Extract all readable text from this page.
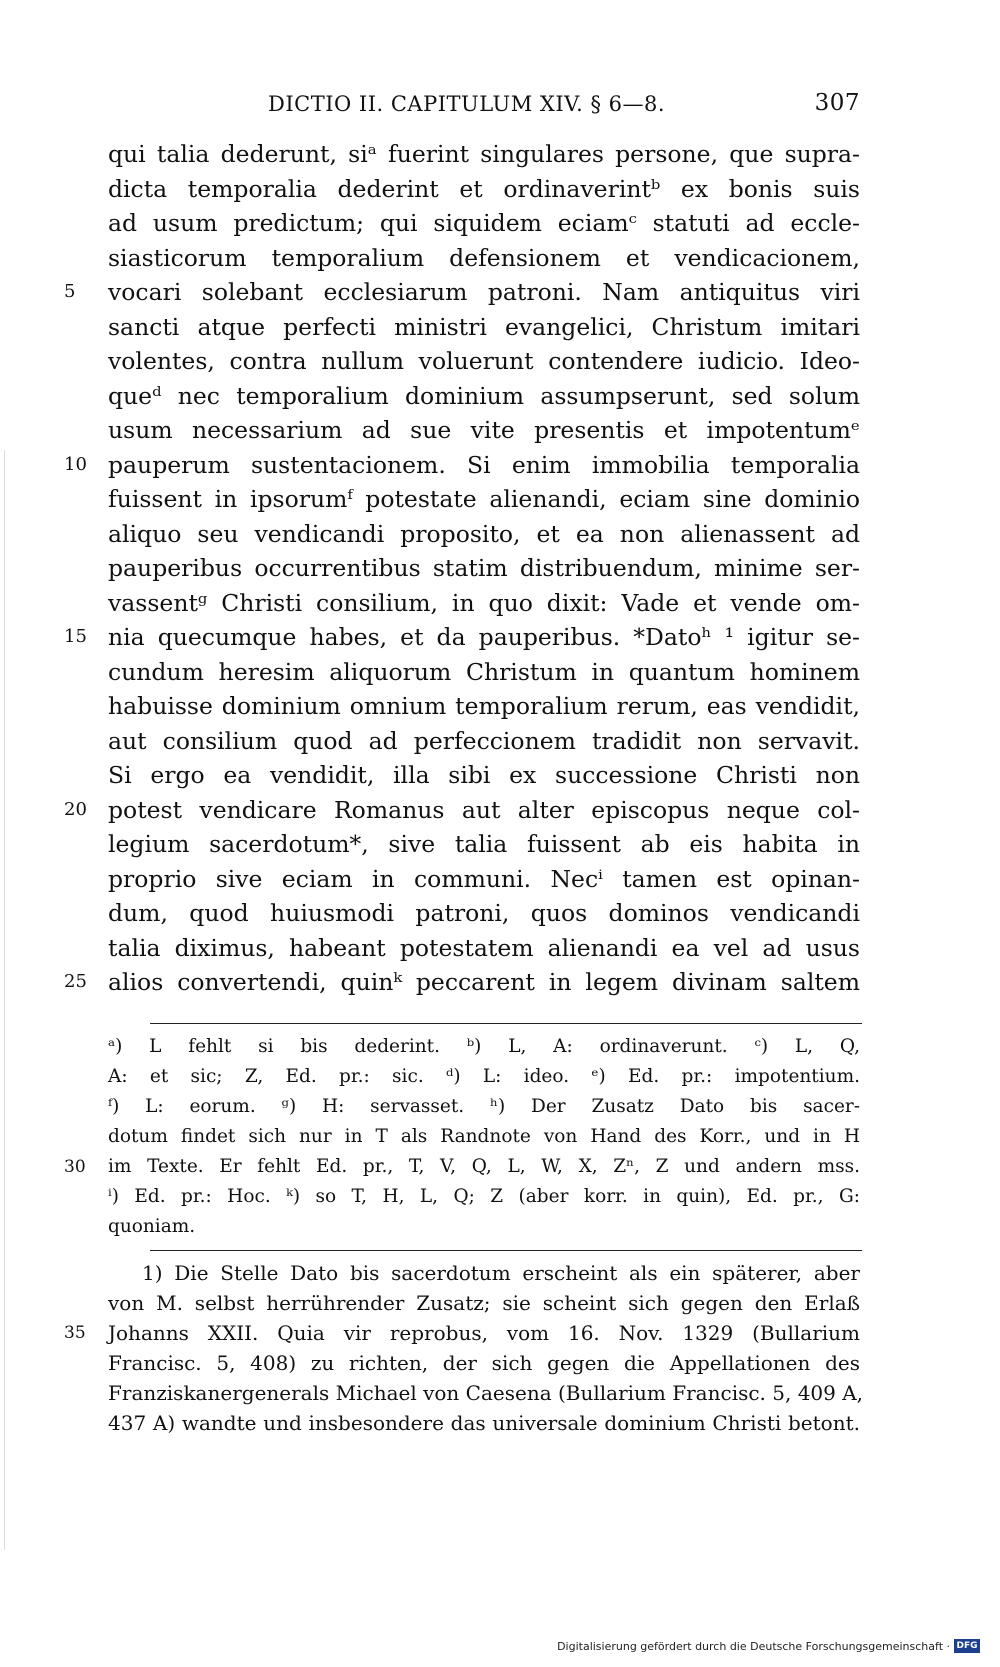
DICTIO II. CAPITULUM XIV. § 6—8.	307
qui talia dederunt, siᵃ fuerint singulares persone, que supra-
dicta temporalia dederint et ordinaverintᵇ ex bonis suis
ad usum predictum; qui siquidem eciamᶜ statuti ad eccle-
siasticorum temporalium defensionem et vendicacionem,
5	vocari solebant ecclesiarum patroni. Nam antiquitus viri
sancti atque perfecti ministri evangelici, Christum imitari
volentes, contra nullum voluerunt contendere iudicio. Ideo-
queᵈ nec temporalium dominium assumpserunt, sed solum
usum necessarium ad sue vite presentis et impotentumᵉ
10 pauperum sustentacionem. Si enim immobilia temporalia
fuissent in ipsorumᶠ potestate alienandi, eciam sine dominio
aliquo seu vendicandi proposito, et ea non alienassent ad
pauperibus occurrentibus statim distribuendum, minime ser-
vassentᵍ Christi consilium, in quo dixit: Vade et vende om-
15 nia quecumque habes, et da pauperibus. *Datoʰ ¹ igitur se-
cundum heresim aliquorum Christum in quantum hominem
habuisse dominium omnium temporalium rerum, eas vendidit,
aut consilium quod ad perfeccionem tradidit non servavit.
Si ergo ea vendidit, illa sibi ex successione Christi non
20 potest vendicare Romanus aut alter episcopus neque col-
legium sacerdotum*, sive talia fuissent ab eis habita in
proprio sive eciam in communi. Necⁱ tamen est opinan-
dum, quod huiusmodi patroni, quos dominos vendicandi
talia diximus, habeant potestatem alienandi ea vel ad usus
25 alios convertendi, quinᵏ peccarent in legem divinam saltem
ᵃ) L fehlt si bis dederint. ᵇ) L, A: ordinaverunt. ᶜ) L, Q,
A: et sic; Z, Ed. pr.: sic. ᵈ) L: ideo. ᵉ) Ed. pr.: impotentium.
ᶠ) L: eorum. ᵍ) H: servasset. ʰ) Der Zusatz Dato bis sacer-
dotum findet sich nur in T als Randnote von Hand des Korr., und in H
30	im Texte. Er fehlt Ed. pr., T, V, Q, L, W, X, Zⁿ, Z und andern mss.
ⁱ) Ed. pr.: Hoc. ᵏ) so T, H, L, Q; Z (aber korr. in quin), Ed. pr., G:
quoniam.
1) Die Stelle Dato bis sacerdotum erscheint als ein späterer, aber
von M. selbst herrührender Zusatz; sie scheint sich gegen den Erlaß
35	Johanns XXII. Quia vir reprobus, vom 16. Nov. 1329 (Bullarium
Francisc. 5, 408) zu richten, der sich gegen die Appellationen des
Franziskanergenerals Michael von Caesena (Bullarium Francisc. 5, 409 A,
437 A) wandte und insbesondere das universale dominium Christi betont.
Digitalisierung gefördert durch die Deutsche Forschungsgemeinschaft · DFG
